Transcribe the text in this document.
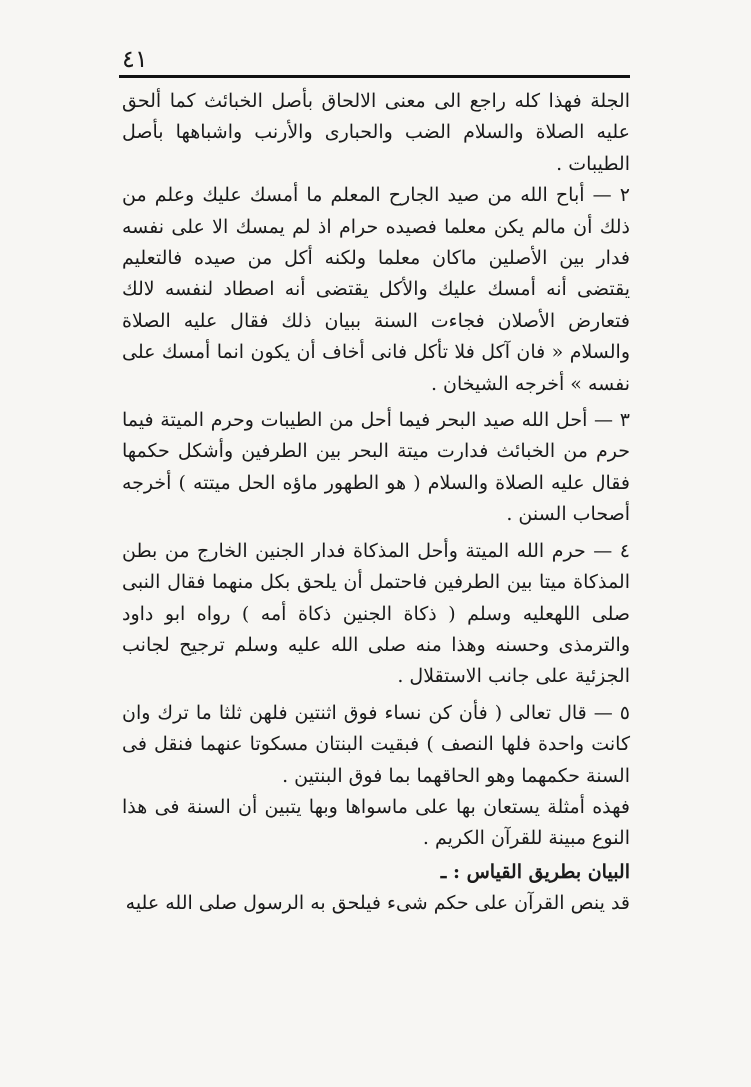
٤١

الجلة فهذا كله راجع الى معنى الالحاق بأصل الخبائث كما ألحق عليه الصلاة والسلام الضب والحبارى والأرنب واشباهها بأصل الطيبات .

٢ — أباح الله من صيد الجارح المعلم ما أمسك عليك وعلم من ذلك أن مالم يكن معلما فصيده حرام اذ لم يمسك الا على نفسه فدار بين الأصلين ماكان معلما ولكنه أكل من صيده فالتعليم يقتضى أنه أمسك عليك والأكل يقتضى أنه اصطاد لنفسه لالك فتعارض الأصلان فجاءت السنة ببيان ذلك فقال عليه الصلاة والسلام « فان آكل فلا تأكل فانى أخاف أن يكون انما أمسك على نفسه » أخرجه الشيخان .

٣ — أحل الله صيد البحر فيما أحل من الطيبات وحرم الميتة فيما حرم من الخبائث فدارت ميتة البحر بين الطرفين وأشكل حكمها فقال عليه الصلاة والسلام ( هو الطهور ماؤه الحل ميتته ) أخرجه أصحاب السنن .

٤ — حرم الله الميتة وأحل المذكاة فدار الجنين الخارج من بطن المذكاة ميتا بين الطرفين فاحتمل أن يلحق بكل منهما فقال النبى صلى اللهعليه وسلم ( ذكاة الجنين ذكاة أمه ) رواه ابو داود والترمذى وحسنه وهذا منه صلى الله عليه وسلم ترجيح لجانب الجزئية على جانب الاستقلال .

٥ — قال تعالى ( فأن كن نساء فوق اثنتين فلهن ثلثا ما ترك وان كانت واحدة فلها النصف ) فبقيت البنتان مسكوتا عنهما فنقل فى السنة حكمهما وهو الحاقهما بما فوق البنتين .

فهذه أمثلة يستعان بها على ماسواها وبها يتبين أن السنة فى هذا النوع مبينة للقرآن الكريم .

البيان بطريق القياس : ـ

قد ينص القرآن على حكم شىء فيلحق به الرسول صلى الله عليه
